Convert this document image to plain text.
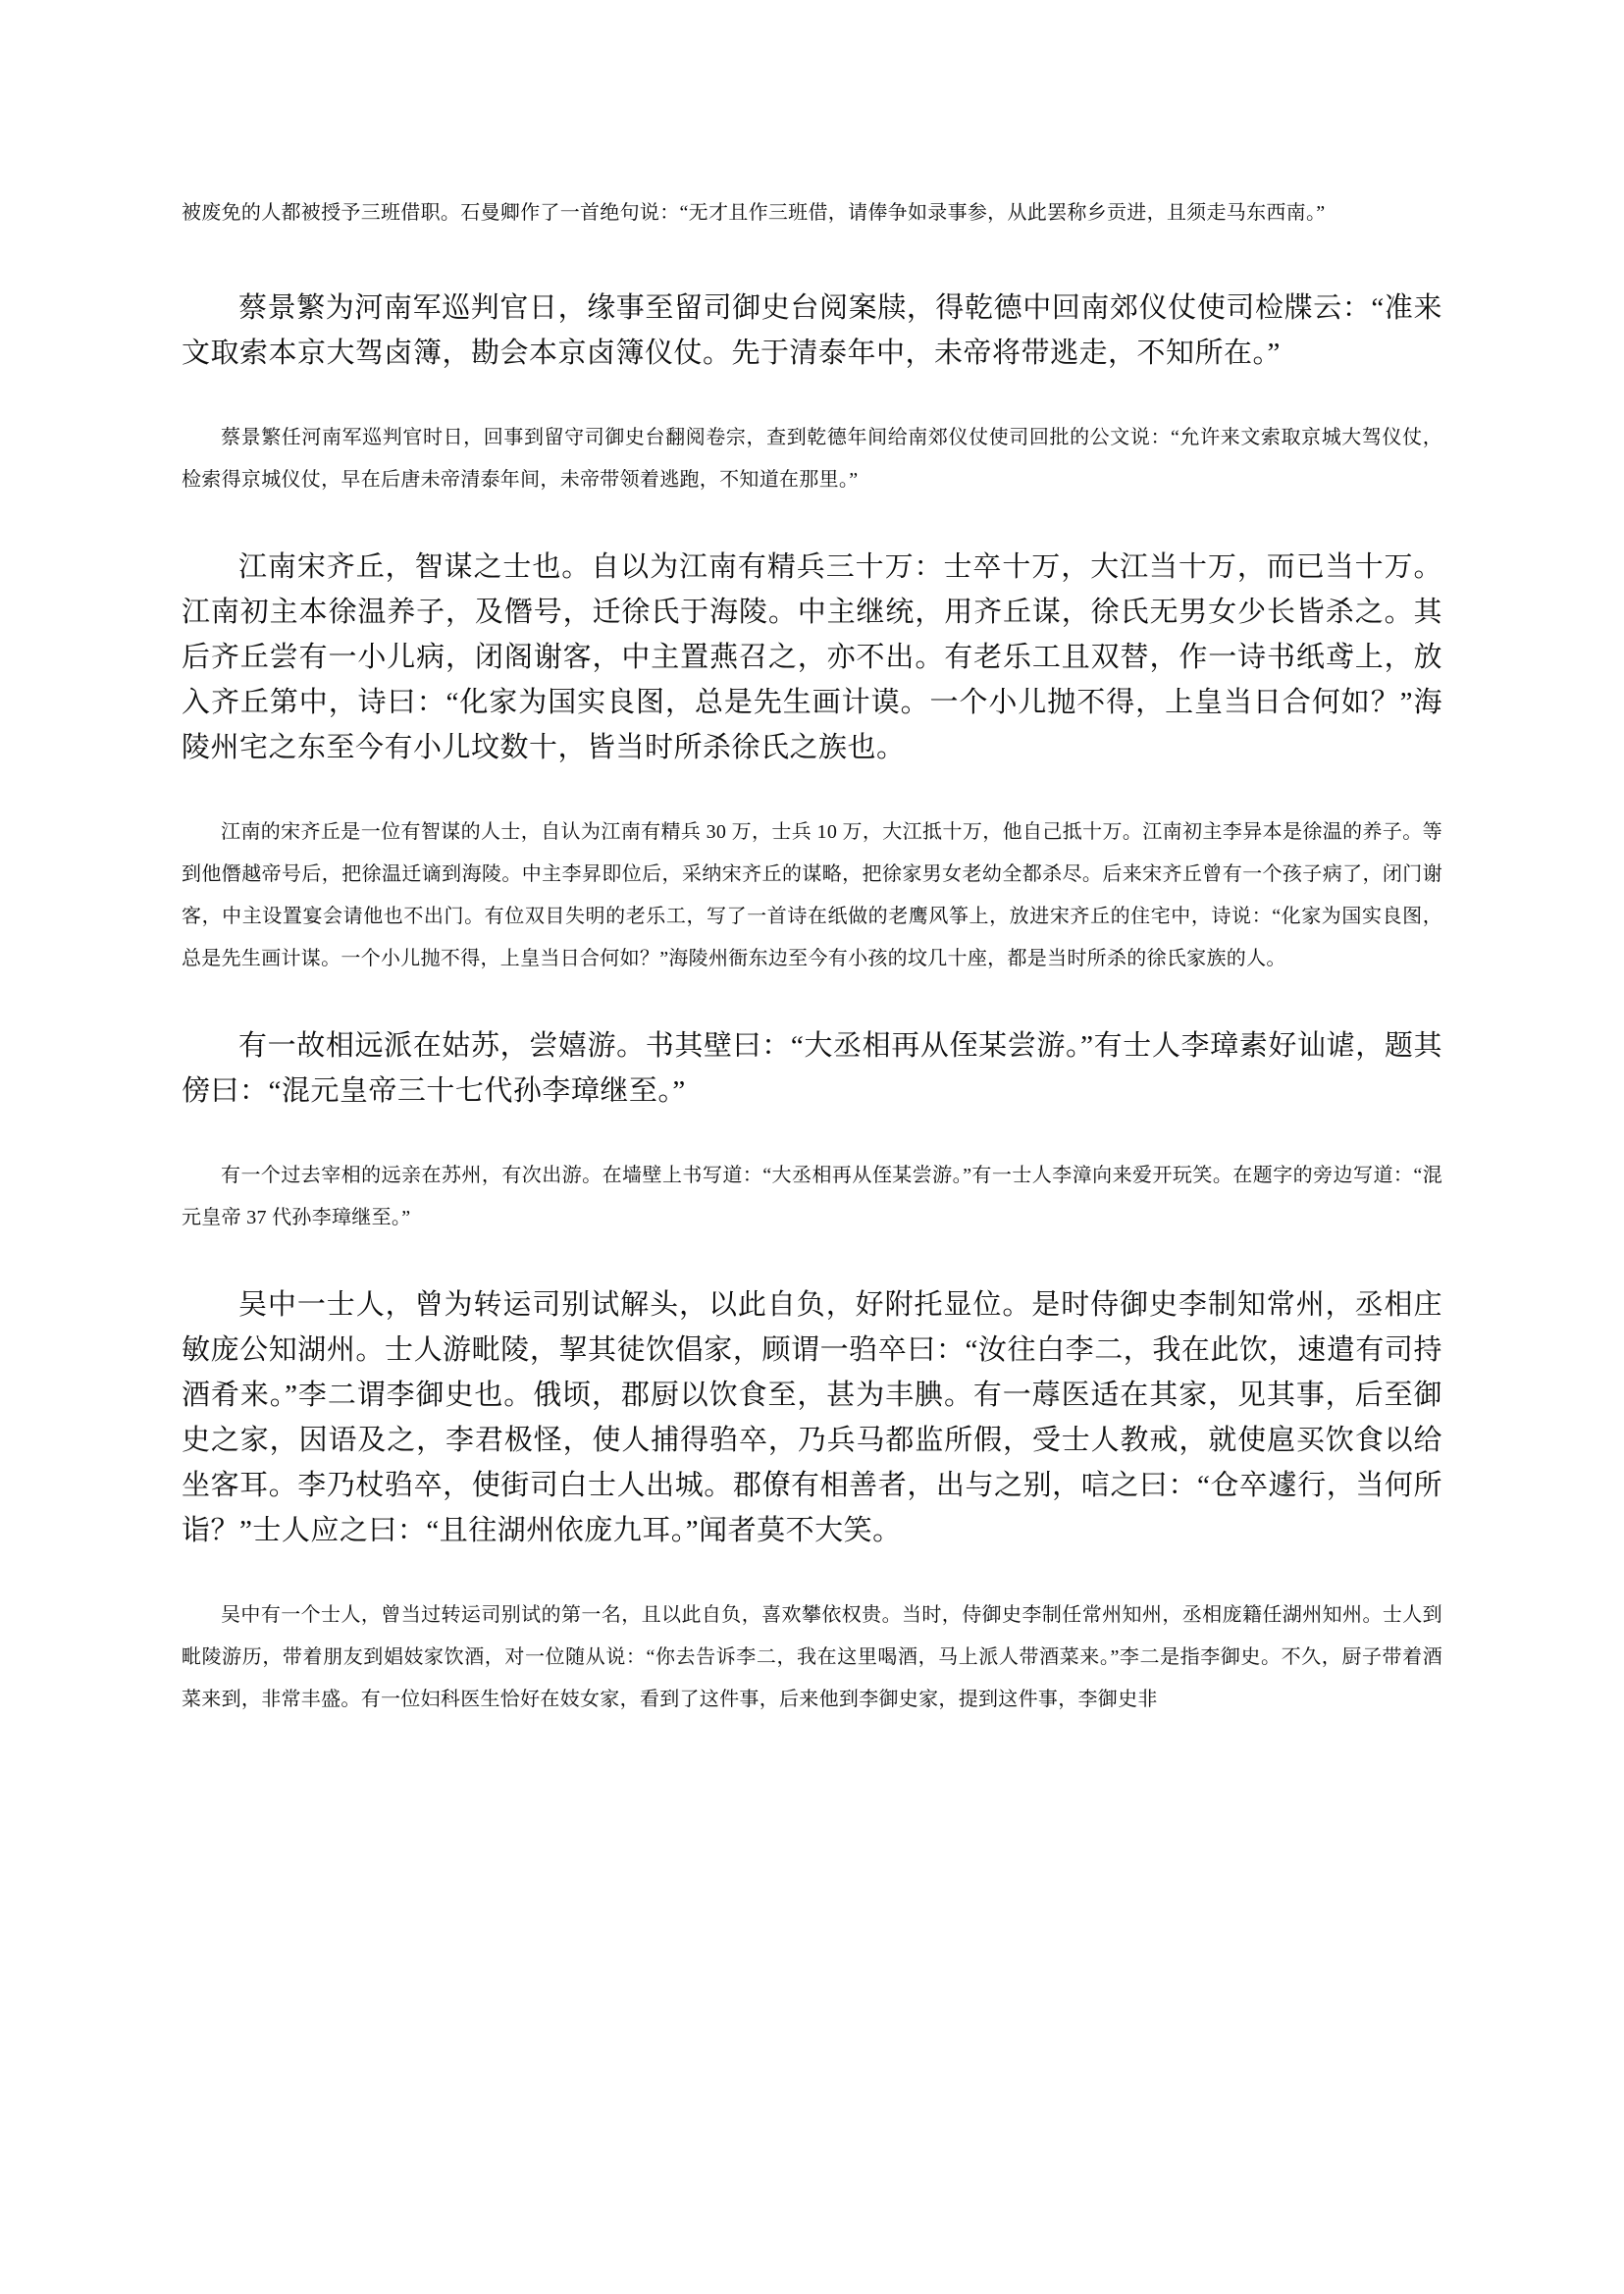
被废免的人都被授予三班借职。石曼卿作了一首绝句说：“无才且作三班借，请俸争如录事参，从此罢称乡贡进，且须走马东西南。”

蔡景繁为河南军巡判官日，缘事至留司御史台阅案牍，得乾德中回南郊仪仗使司检牒云：“准来文取索本京大驾卤簿，勘会本京卤簿仪仗。先于清泰年中，未帝将带逃走，不知所在。”

蔡景繁任河南军巡判官时日，回事到留守司御史台翻阅卷宗，查到乾德年间给南郊仪仗使司回批的公文说：“允许来文索取京城大驾仪仗，检索得京城仪仗，早在后唐未帝清泰年间，未帝带领着逃跑，不知道在那里。”

江南宋齐丘，智谋之士也。自以为江南有精兵三十万：士卒十万，大江当十万，而已当十万。江南初主本徐温养子，及僭号，迁徐氏于海陵。中主继统，用齐丘谋，徐氏无男女少长皆杀之。其后齐丘尝有一小儿病，闭阁谢客，中主置燕召之，亦不出。有老乐工且双替，作一诗书纸鸢上，放入齐丘第中，诗曰：“化家为国实良图，总是先生画计谟。一个小儿抛不得，上皇当日合何如？”海陵州宅之东至今有小儿坟数十，皆当时所杀徐氏之族也。

江南的宋齐丘是一位有智谋的人士，自认为江南有精兵 30 万，士兵 10 万，大江抵十万，他自己抵十万。江南初主李异本是徐温的养子。等到他僭越帝号后，把徐温迁谪到海陵。中主李昇即位后，采纳宋齐丘的谋略，把徐家男女老幼全都杀尽。后来宋齐丘曾有一个孩子病了，闭门谢客，中主设置宴会请他也不出门。有位双目失明的老乐工，写了一首诗在纸做的老鹰风筝上，放进宋齐丘的住宅中，诗说：“化家为国实良图，总是先生画计谋。一个小儿抛不得，上皇当日合何如？”海陵州衙东边至今有小孩的坟几十座，都是当时所杀的徐氏家族的人。

有一故相远派在姑苏，尝嬉游。书其壁曰：“大丞相再从侄某尝游。”有士人李璋素好讪谑，题其傍曰：“混元皇帝三十七代孙李璋继至。”

有一个过去宰相的远亲在苏州，有次出游。在墙壁上书写道：“大丞相再从侄某尝游。”有一士人李漳向来爱开玩笑。在题字的旁边写道：“混元皇帝 37 代孙李璋继至。”

吴中一士人，曾为转运司别试解头，以此自负，好附托显位。是时侍御史李制知常州，丞相庄敏庞公知湖州。士人游毗陵，挈其徒饮倡家，顾谓一驺卒曰：“汝往白李二，我在此饮，速遣有司持酒肴来。”李二谓李御史也。俄顷，郡厨以饮食至，甚为丰腆。有一蓐医适在其家，见其事，后至御史之家，因语及之，李君极怪，使人捕得驺卒，乃兵马都监所假，受士人教戒，就使扈买饮食以给坐客耳。李乃杖驺卒，使街司白士人出城。郡僚有相善者，出与之别，唁之曰：“仓卒遽行，当何所诣？”士人应之曰：“且往湖州依庞九耳。”闻者莫不大笑。

吴中有一个士人，曾当过转运司别试的第一名，且以此自负，喜欢攀依权贵。当时，侍御史李制任常州知州，丞相庞籍任湖州知州。士人到毗陵游历，带着朋友到娼妓家饮酒，对一位随从说：“你去告诉李二，我在这里喝酒，马上派人带酒菜来。”李二是指李御史。不久，厨子带着酒菜来到，非常丰盛。有一位妇科医生恰好在妓女家，看到了这件事，后来他到李御史家，提到这件事，李御史非
